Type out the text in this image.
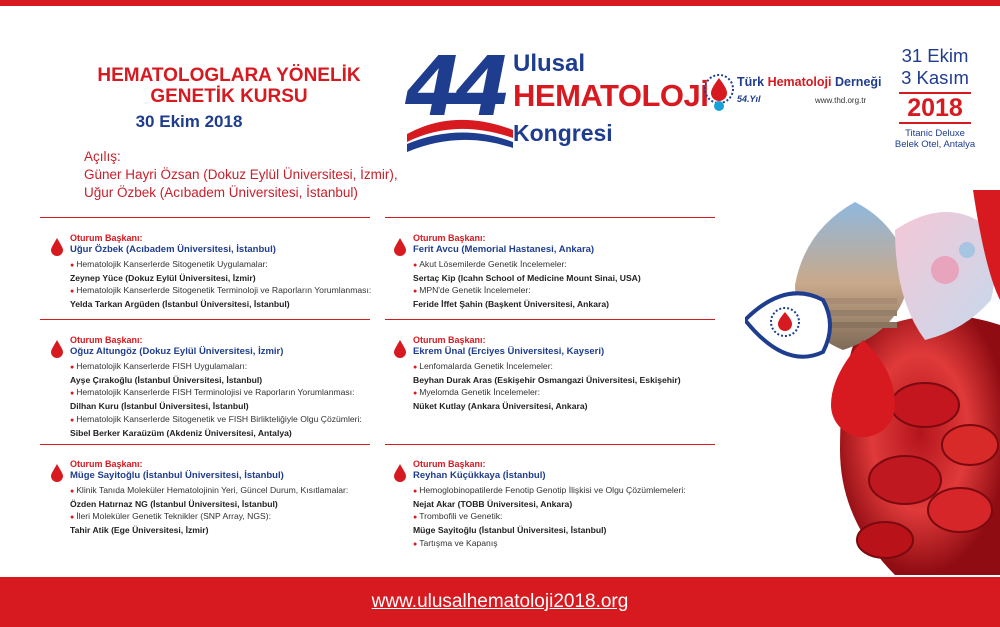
HEMATOLOGLARA YÖNELİK
GENETİK KURSU
30 Ekim 2018
Açılış:
Güner Hayri Özsan (Dokuz Eylül Üniversitesi, İzmir),
Uğur Özbek (Acıbadem Üniversitesi, İstanbul)
44 Ulusal
HEMATOLOJİ
Kongresi
Türk Hematoloji Derneği
54.Yıl	www.thd.org.tr
31 Ekim
3 Kasım
2018
Titanic Deluxe
Belek Otel, Antalya
Oturum Başkanı:
Uğur Özbek (Acıbadem Üniversitesi, İstanbul)
● Hematolojik Kanserlerde Sitogenetik Uygulamalar:
Zeynep Yüce (Dokuz Eylül Üniversitesi, İzmir)
● Hematolojik Kanserlerde Sitogenetik Terminoloji ve Raporların Yorumlanması:
Yelda Tarkan Argüden (İstanbul Üniversitesi, İstanbul)
Oturum Başkanı:
Ferit Avcu (Memorial Hastanesi, Ankara)
● Akut Lösemilerde Genetik İncelemeler:
Sertaç Kip (Icahn School of Medicine Mount Sinai, USA)
● MPN'de Genetik İncelemeler:
Feride İffet Şahin (Başkent Üniversitesi, Ankara)
Oturum Başkanı:
Oğuz Altungöz (Dokuz Eylül Üniversitesi, İzmir)
● Hematolojik Kanserlerde FISH Uygulamaları:
Ayşe Çırakoğlu (İstanbul Üniversitesi, İstanbul)
● Hematolojik Kanserlerde FISH Terminolojisi ve Raporların Yorumlanması:
Dilhan Kuru (İstanbul Üniversitesi, İstanbul)
● Hematolojik Kanserlerde Sitogenetik ve FISH Birlikteliğiyle Olgu Çözümleri:
Sibel Berker Karaüzüm (Akdeniz Üniversitesi, Antalya)
Oturum Başkanı:
Ekrem Ünal (Erciyes Üniversitesi, Kayseri)
● Lenfomalarda Genetik İncelemeler:
Beyhan Durak Aras (Eskişehir Osmangazi Üniversitesi, Eskişehir)
● Myelomda Genetik İncelemeler:
Nüket Kutlay (Ankara Üniversitesi, Ankara)
Oturum Başkanı:
Müge Sayitoğlu (İstanbul Üniversitesi, İstanbul)
● Klinik Tanıda Moleküler Hematolojinin Yeri, Güncel Durum, Kısıtlamalar:
Özden Hatırnaz NG (İstanbul Üniversitesi, İstanbul)
● İleri Moleküler Genetik Teknikler (SNP Array, NGS):
Tahir Atik (Ege Üniversitesi, İzmir)
Oturum Başkanı:
Reyhan Küçükkaya (İstanbul)
● Hemoglobinopatilerde Fenotip Genotip İlişkisi ve Olgu Çözümlemeleri:
Nejat Akar (TOBB Üniversitesi, Ankara)
● Trombofili ve Genetik:
Müge Sayitoğlu (İstanbul Üniversitesi, İstanbul)
● Tartışma ve Kapanış
www.ulusalhematoloji2018.org
